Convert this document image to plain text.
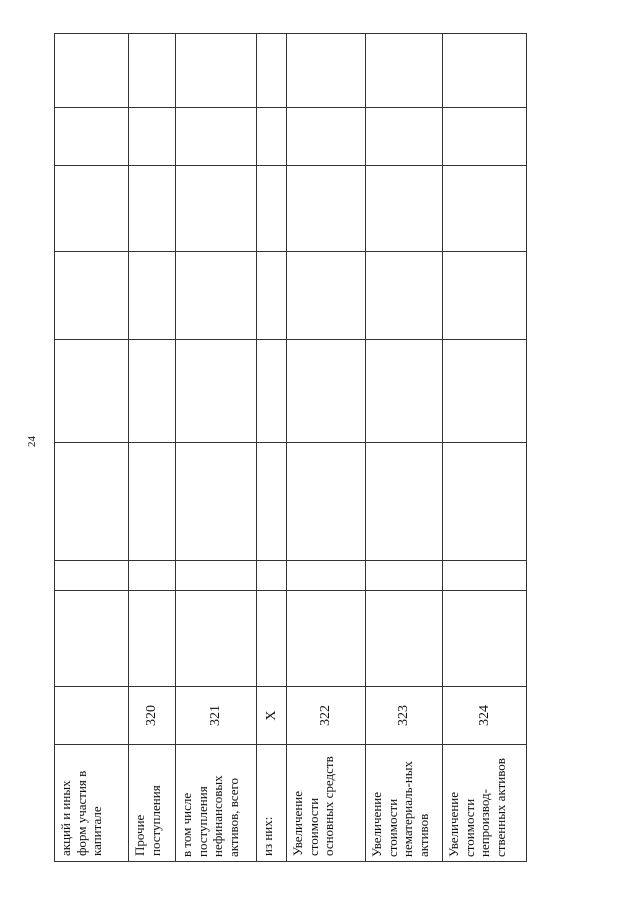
24
акций и иных форм участия в капитале									
Прочие поступления	320								
в том числе поступления нефинансовых активов, всего	321								
из них:	Х								
Увеличение стоимости основных средств	322								
Увеличение стоимости нематериаль-ных активов	323								
Увеличение стоимости непроизвод-ственных активов	324								
